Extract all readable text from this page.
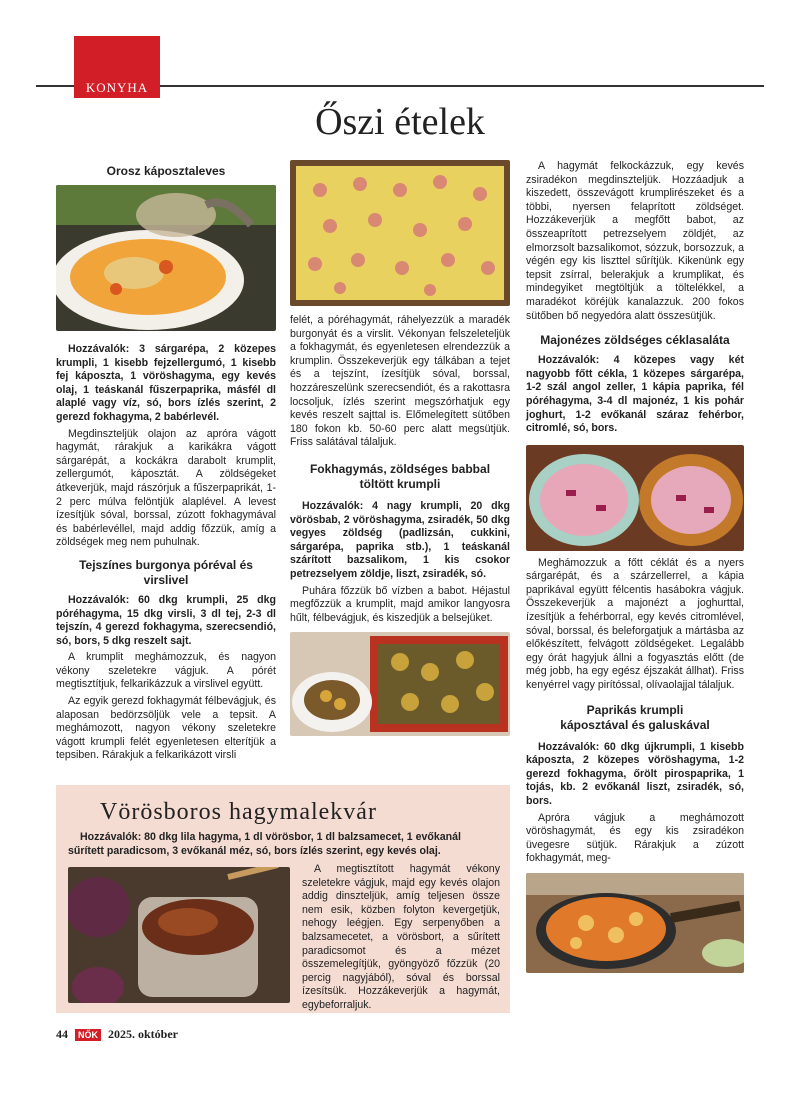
KONYHA
Őszi ételek
Orosz káposztaleves

Hozzávalók: 3 sárgarépa, 2 közepes krumpli, 1 kisebb fejzellergumó, 1 kisebb fej káposzta, 1 vöröshagyma, egy kevés olaj, 1 teáskanál fűszerpaprika, másfél dl alaplé vagy víz, só, bors ízlés szerint, 2 gerezd fokhagyma, 2 babérlevél.

Megdinszteljük olajon az apróra vágott hagymát, rárakjuk a karikákra vágott sárgarépát, a kockákra darabolt krumplit, zellergumót, káposztát. A zöldségeket átkeverjük, majd rászórjuk a fűszerpaprikát, 1-2 perc múlva felöntjük alaplével. A levest ízesítjük sóval, borssal, zúzott fokhagymával és babérlevéllel, majd addig főzzük, amíg a zöldségek meg nem puhulnak.

Tejszínes burgonya póréval és virslivel

Hozzávalók: 60 dkg krumpli, 25 dkg póréhagyma, 15 dkg virsli, 3 dl tej, 2-3 dl tejszín, 4 gerezd fokhagyma, szerecsendió, só, bors, 5 dkg reszelt sajt.

A krumplit meghámozzuk, és nagyon vékony szeletekre vágjuk. A pórét megtisztítjuk, felkarikázzuk a virslivel együtt.

Az egyik gerezd fokhagymát félbevágjuk, és alaposan bedörzsöljük vele a tepsit. A meghámozott, nagyon vékony szeletekre vágott krumpli felét egyenletesen elterítjük a tepsiben. Rárakjuk a felkarikázott virsli

felét, a póréhagymát, ráhelyezzük a maradék burgonyát és a virslit. Vékonyan felszeleteljük a fokhagymát, és egyenletesen elrendezzük a krumplin. Összekeverjük egy tálkában a tejet és a tejszínt, ízesítjük sóval, borssal, hozzáreszelünk szerecsendiót, és a rakottasra locsoljuk, ízlés szerint megszórhatjuk egy kevés reszelt sajttal is. Előmelegített sütőben 180 fokon kb. 50-60 perc alatt megsütjük. Friss salátával tálaljuk.

Fokhagymás, zöldséges babbal töltött krumpli

Hozzávalók: 4 nagy krumpli, 20 dkg vörösbab, 2 vöröshagyma, zsiradék, 50 dkg vegyes zöldség (padlizsán, cukkini, sárgarépa, paprika stb.), 1 teáskanál szárított bazsalikom, 1 kis csokor petrezselyem zöldje, liszt, zsiradék, só.

Puhára főzzük bő vízben a babot. Héjastul megfőzzük a krumplit, majd amikor langyosra hűlt, félbevágjuk, és kiszedjük a belsejüket.

A hagymát felkockázzuk, egy kevés zsiradékon megdinszteljük. Hozzáadjuk a kiszedett, összevágott krumplirészeket és a többi, nyersen felaprított zöldséget. Hozzákeverjük a megfőtt babot, az összeaprított petrezselyem zöldjét, az elmorzsolt bazsalikomot, sózzuk, borsozzuk, a végén egy kis liszttel sűrítjük. Kikenünk egy tepsit zsírral, belerakjuk a krumplikat, és mindegyiket megtöltjük a töltelékkel, a maradékot köréjük kanalazzuk. 200 fokos sütőben bő negyedóra alatt összesütjük.

Majonézes zöldséges céklasaláta

Hozzávalók: 4 közepes vagy két nagyobb főtt cékla, 1 közepes sárgarépa, 1-2 szál angol zeller, 1 kápia paprika, fél póréhagyma, 3-4 dl majonéz, 1 kis pohár joghurt, 1-2 evőkanál száraz fehérbor, citromlé, só, bors.

Meghámozzuk a főtt céklát és a nyers sárgarépát, és a szárzellerrel, a kápia paprikával együtt félcentis hasábokra vágjuk. Összekeverjük a majonézt a joghurttal, ízesítjük a fehérborral, egy kevés citromlével, sóval, borssal, és beleforgatjuk a mártásba az előkészített, felvágott zöldségeket. Legalább egy órát hagyjuk állni a fogyasztás előtt (de még jobb, ha egy egész éjszakát állhat). Friss kenyérrel vagy pirítóssal, olívaolajjal tálaljuk.

Paprikás krumpli káposztával és galuskával

Hozzávalók: 60 dkg újkrumpli, 1 kisebb káposzta, 2 közepes vöröshagyma, 1-2 gerezd fokhagyma, őrölt pirospaprika, 1 tojás, kb. 2 evőkanál liszt, zsiradék, só, bors.

Apróra vágjuk a meghámozott vöröshagymát, és egy kis zsiradékon üvegesre sütjük. Rárakjuk a zúzott fokhagymát, meg-

Vörösboros hagymalekvár

Hozzávalók: 80 dkg lila hagyma, 1 dl vörösbor, 1 dl balzsamecet, 1 evőkanál sűrített paradicsom, 3 evőkanál méz, só, bors ízlés szerint, egy kevés olaj.

A megtisztított hagymát vékony szeletekre vágjuk, majd egy kevés olajon addig dinszteljük, amíg teljesen össze nem esik, közben folyton kevergetjük, nehogy leégjen. Egy serpenyőben a balzsamecetet, a vörösbort, a sűrített paradicsomot és a mézet összemelegítjük, gyöngyöző főzzük (20 percig nagyjából), sóval és borssal ízesítsük. Hozzákeverjük a hagymát, egybeforraljuk.

44 NŐK 2025. október
